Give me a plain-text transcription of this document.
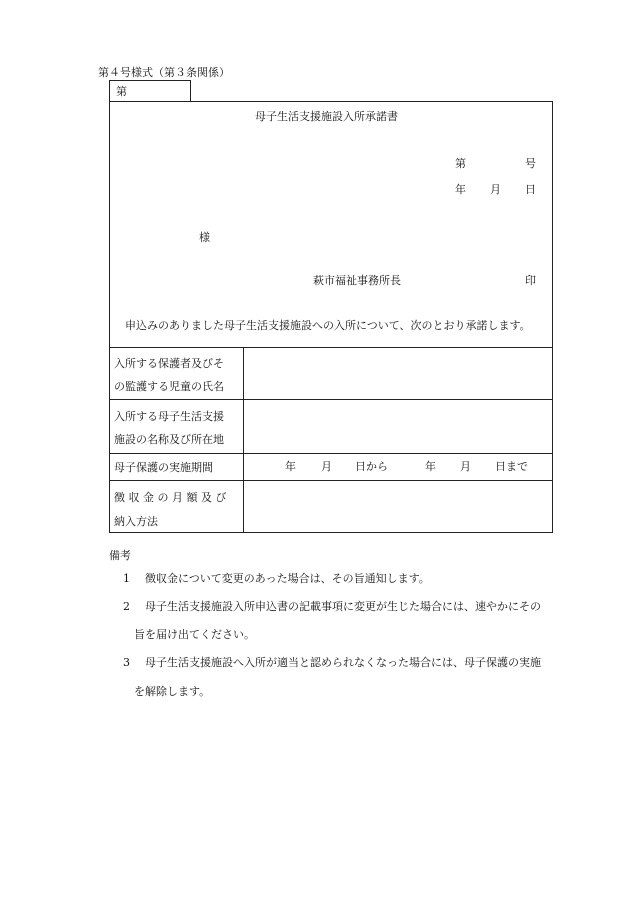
第４号様式（第３条関係）
第
母子生活支援施設入所承諾書
第	号
年 月 日
様
萩市福祉事務所長	印
申込みのありました母子生活支援施設への入所について、次のとおり承諾します。
入所する保護者及びそ
の監護する児童の氏名
入所する母子生活支援
施設の名称及び所在地
母子保護の実施期間	年 月 日から	年 月 日まで
徴 収 金 の 月 額 及 び
納入方法
備考
1 徴収金について変更のあった場合は、その旨通知します。
2 母子生活支援施設入所申込書の記載事項に変更が生じた場合には、速やかにその
旨を届け出てください。
3 母子生活支援施設へ入所が適当と認められなくなった場合には、母子保護の実施
を解除します。
